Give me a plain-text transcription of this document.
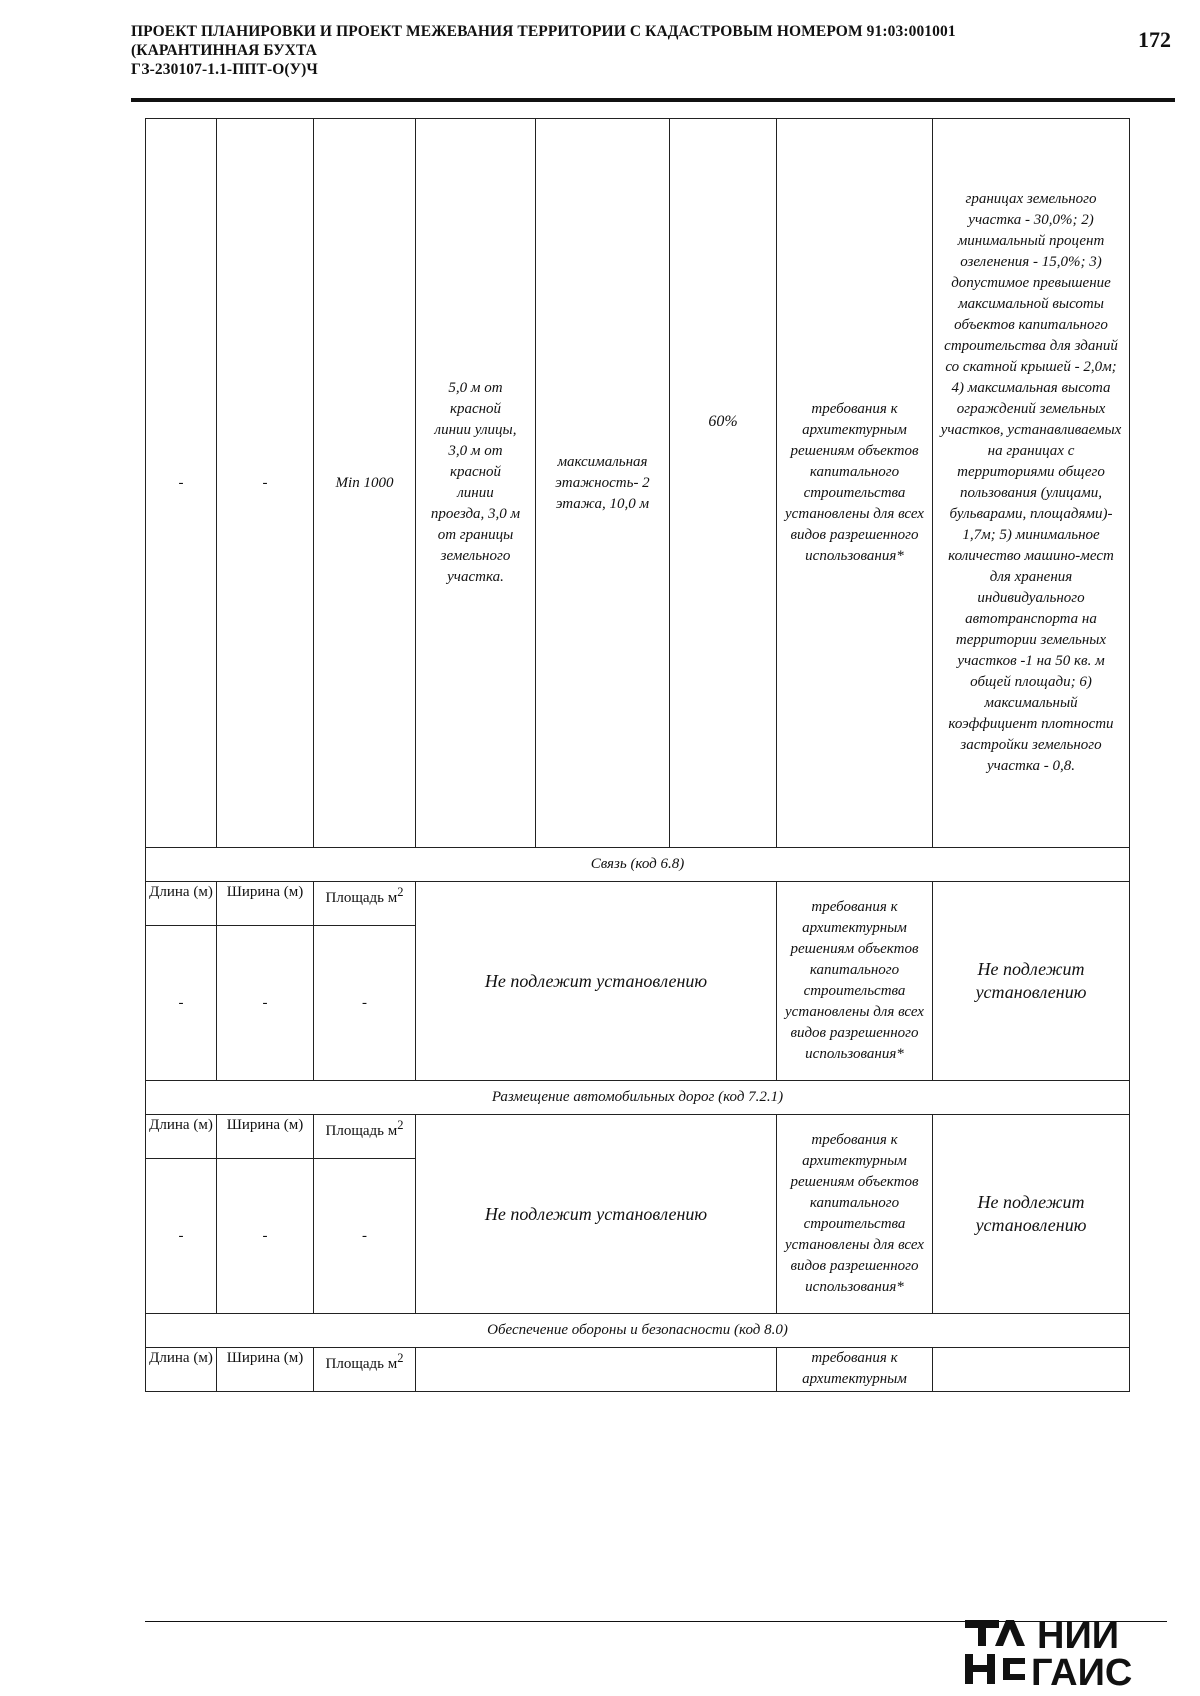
ПРОЕКТ ПЛАНИРОВКИ И ПРОЕКТ МЕЖЕВАНИЯ ТЕРРИТОРИИ С КАДАСТРОВЫМ НОМЕРОМ 91:03:001001
(КАРАНТИННАЯ БУХТА
ГЗ-230107-1.1-ППТ-О(У)Ч
172
-	-	Min 1000	5,0 м от красной линии улицы, 3,0 м от красной линии проезда, 3,0 м от границы земельного участка.	максимальная этажность- 2 этажа, 10,0 м	60%	требования к архитектурным решениям объектов капитального строительства установлены для всех видов разрешенного использования*	границах земельного участка - 30,0%; 2) минимальный процент озеленения - 15,0%; 3) допустимое превышение максимальной высоты объектов капитального строительства для зданий со скатной крышей - 2,0м; 4) максимальная высота ограждений земельных участков, устанавливаемых на границах с территориями общего пользования (улицами, бульварами, площадями)- 1,7м; 5) минимальное количество машино-мест для хранения индивидуального автотранспорта на территории земельных участков -1 на 50 кв. м общей площади; 6) максимальный коэффициент плотности застройки земельного участка - 0,8.
Связь (код 6.8)							
Длина (м)	Ширина (м)	Площадь $м^2$	Не подлежит установлению			требования к архитектурным решениям объектов капитального строительства установлены для всех видов разрешенного использования*	Не подлежит установлению
-	-	-					
Размещение автомобильных дорог (код 7.2.1)							
Длина (м)	Ширина (м)	Площадь $м^2$	Не подлежит установлению			требования к архитектурным решениям объектов капитального строительства установлены для всех видов разрешенного использования*	Не подлежит установлению
-	-	-					
Обеспечение обороны и безопасности (код 8.0)							
Длина (м)	Ширина (м)	Площадь $м^2$				требования к архитектурным	
НИИ
ГАИС
